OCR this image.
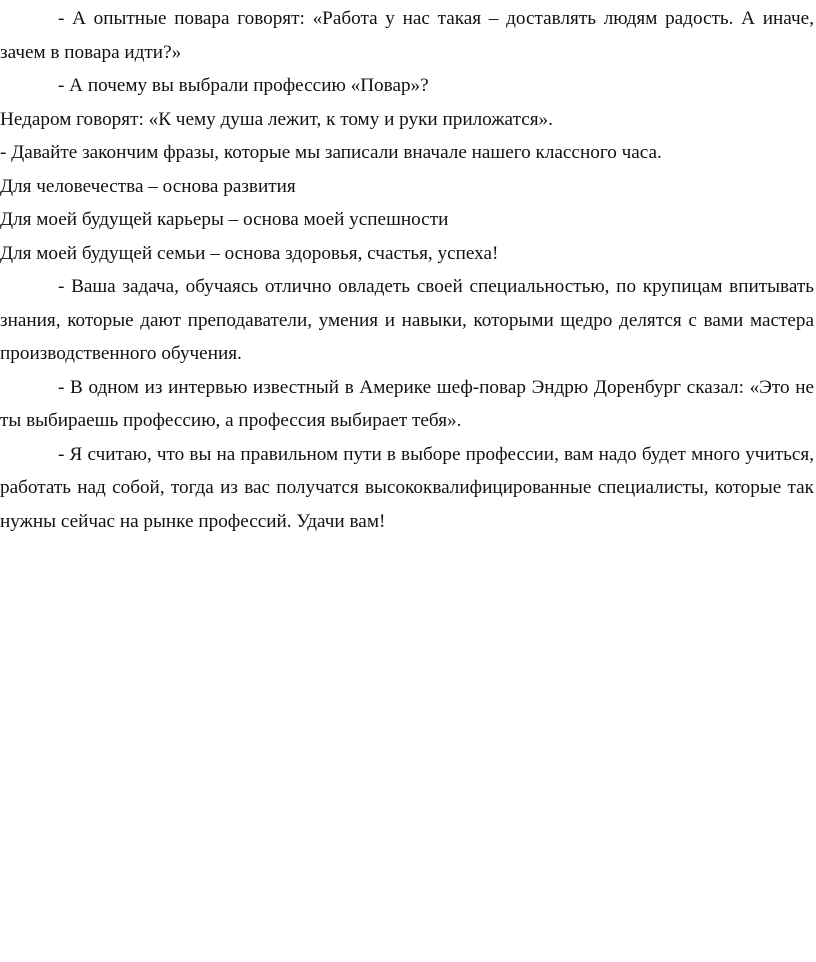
- А опытные повара говорят: «Работа у нас такая – доставлять людям радость. А иначе, зачем в повара идти?»

- А почему вы выбрали профессию «Повар»?

Недаром говорят: «К чему душа лежит, к тому и руки приложатся».

- Давайте закончим фразы, которые мы записали вначале нашего классного часа.

Для человечества – основа развития

Для моей будущей карьеры – основа моей успешности

Для моей будущей семьи – основа здоровья, счастья, успеха!

- Ваша задача, обучаясь отлично овладеть своей специальностью, по крупицам впитывать знания, которые дают преподаватели, умения и навыки, которыми щедро делятся с вами мастера производственного обучения.

- В одном из интервью известный в Америке шеф-повар Эндрю Доренбург сказал: «Это не ты выбираешь профессию, а профессия выбирает тебя».

- Я считаю, что вы на правильном пути в выборе профессии, вам надо будет много учиться, работать над собой, тогда из вас получатся высококвалифицированные специалисты, которые так нужны сейчас на рынке профессий. Удачи вам!
